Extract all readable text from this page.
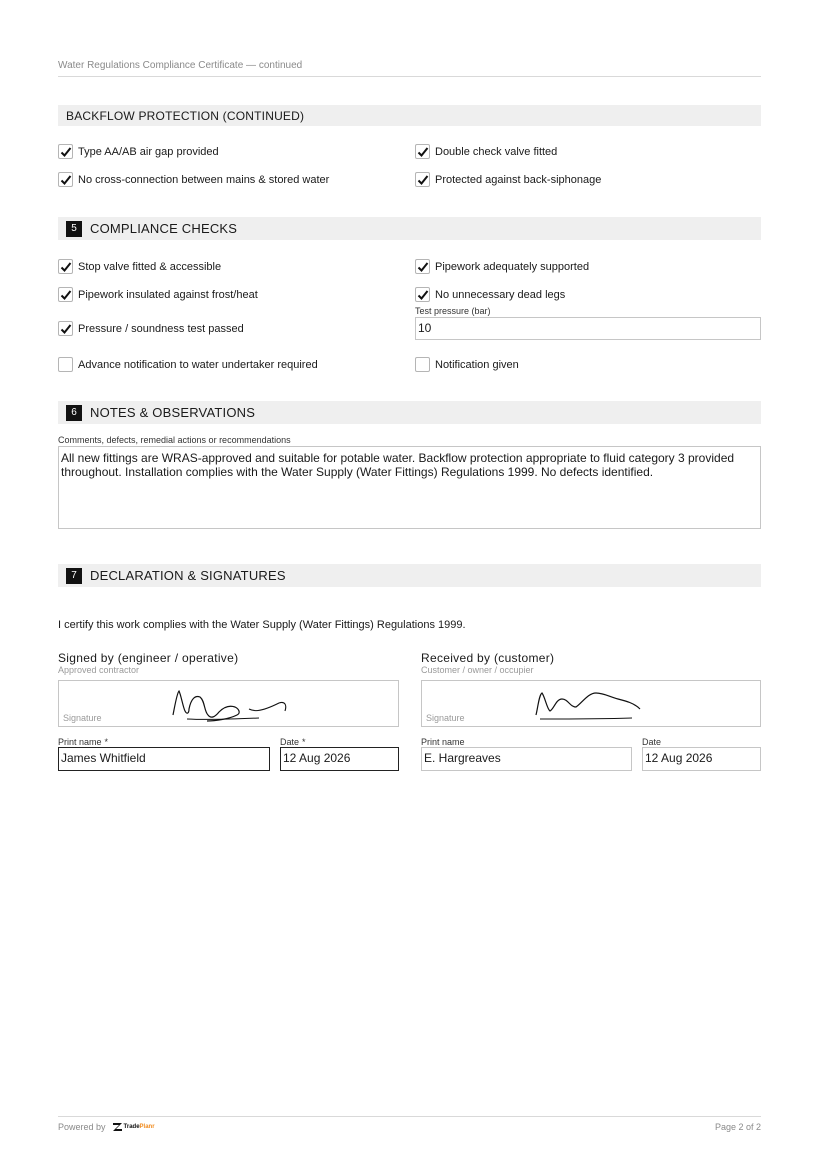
Water Regulations Compliance Certificate — continued
BACKFLOW PROTECTION (CONTINUED)
Type AA/AB air gap provided	Double check valve fitted
No cross-connection between mains & stored water	Protected against back-siphonage
5	COMPLIANCE CHECKS
Stop valve fitted & accessible	Pipework adequately supported
Pipework insulated against frost/heat	No unnecessary dead legs
Test pressure (bar)
10
Pressure / soundness test passed
Advance notification to water undertaker required	Notification given
6	NOTES & OBSERVATIONS
Comments, defects, remedial actions or recommendations
All new fittings are WRAS-approved and suitable for potable water. Backflow protection appropriate to fluid category 3 provided throughout. Installation complies with the Water Supply (Water Fittings) Regulations 1999. No defects identified.
7	DECLARATION & SIGNATURES
I certify this work complies with the Water Supply (Water Fittings) Regulations 1999.
Signed by (engineer / operative)
Approved contractor
Signature
Print name *
James Whitfield
Date *
12 Aug 2026
Received by (customer)
Customer / owner / occupier
Signature
Print name
E. Hargreaves
Date
12 Aug 2026
Powered by	Trade Planr	Page 2 of 2
